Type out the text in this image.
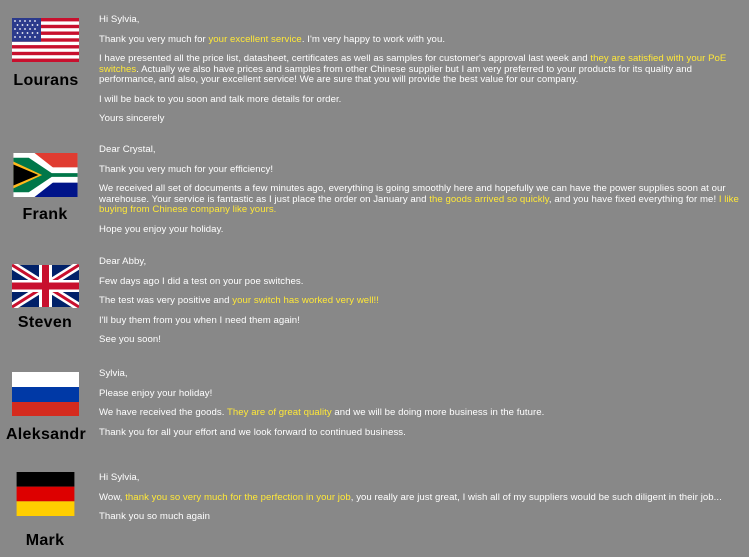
Lourans

Hi Sylvia,

Thank you very much for your excellent service. I'm very happy to work with you.

I have presented all the price list, datasheet, certificates as well as samples for customer's approval last week and they are satisfied with your PoE switches. Actually we also have prices and samples from other Chinese supplier but I am very preferred to your products for its quality and performance, and also, your excellent service! We are sure that you will provide the best value for our company.

I will be back to you soon and talk more details for order.

Yours sincerely

Frank

Dear Crystal,

Thank you very much for your efficiency!

We received all set of documents a few minutes ago, everything is going smoothly here and hopefully we can have the power supplies soon at our warehouse. Your service is fantastic as I just place the order on January and the goods arrived so quickly, and you have fixed everything for me! I like buying from Chinese company like yours.

Hope you enjoy your holiday.

Steven

Dear Abby,

Few days ago I did a test on your poe switches.

The test was very positive and your switch has worked very well!!

I'll buy them from you when I need them again!

See you soon!

Aleksandr

Sylvia,

Please enjoy your holiday!

We have received the goods. They are of great quality and we will be doing more business in the future.

Thank you for all your effort and we look forward to continued business.

Mark

Hi Sylvia,

Wow, thank you so very much for the perfection in your job, you really are just great, I wish all of my suppliers would be such diligent in their job...

Thank you so much again
